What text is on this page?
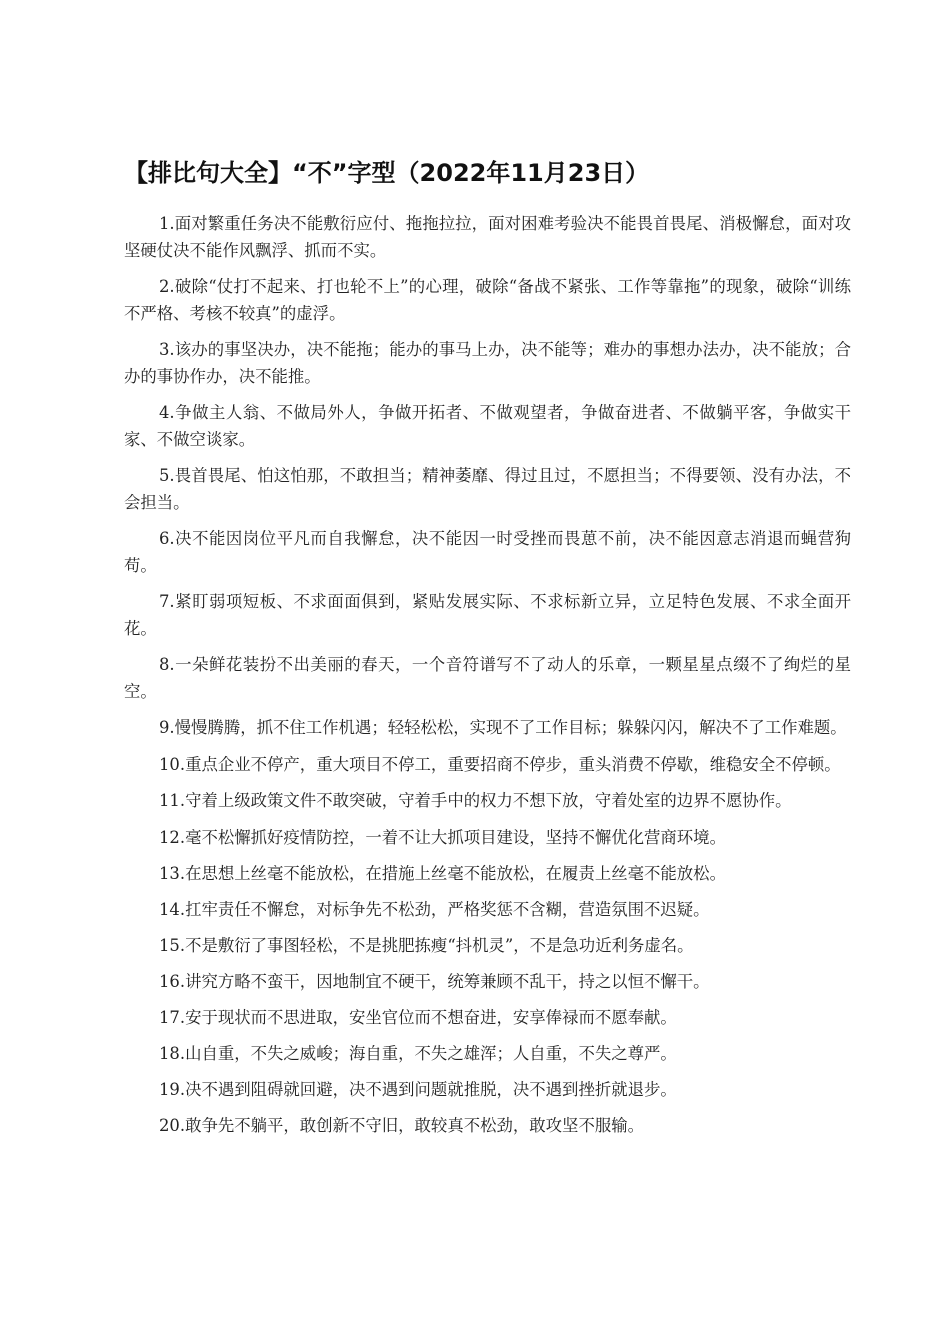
【排比句大全】“不”字型（2022年11月23日）

1.面对繁重任务决不能敷衍应付、拖拖拉拉，面对困难考验决不能畏首畏尾、消极懈怠，面对攻坚硬仗决不能作风飘浮、抓而不实。

2.破除“仗打不起来、打也轮不上”的心理，破除“备战不紧张、工作等靠拖”的现象，破除“训练不严格、考核不较真”的虚浮。

3.该办的事坚决办，决不能拖；能办的事马上办，决不能等；难办的事想办法办，决不能放；合办的事协作办，决不能推。

4.争做主人翁、不做局外人，争做开拓者、不做观望者，争做奋进者、不做躺平客，争做实干家、不做空谈家。

5.畏首畏尾、怕这怕那，不敢担当；精神萎靡、得过且过，不愿担当；不得要领、没有办法，不会担当。

6.决不能因岗位平凡而自我懈怠，决不能因一时受挫而畏葸不前，决不能因意志消退而蝇营狗苟。

7.紧盯弱项短板、不求面面俱到，紧贴发展实际、不求标新立异，立足特色发展、不求全面开花。

8.一朵鲜花装扮不出美丽的春天，一个音符谱写不了动人的乐章，一颗星星点缀不了绚烂的星空。

9.慢慢腾腾，抓不住工作机遇；轻轻松松，实现不了工作目标；躲躲闪闪，解决不了工作难题。

10.重点企业不停产，重大项目不停工，重要招商不停步，重头消费不停歇，维稳安全不停顿。

11.守着上级政策文件不敢突破，守着手中的权力不想下放，守着处室的边界不愿协作。

12.毫不松懈抓好疫情防控，一着不让大抓项目建设，坚持不懈优化营商环境。

13.在思想上丝毫不能放松，在措施上丝毫不能放松，在履责上丝毫不能放松。

14.扛牢责任不懈怠，对标争先不松劲，严格奖惩不含糊，营造氛围不迟疑。

15.不是敷衍了事图轻松，不是挑肥拣瘦“抖机灵”，不是急功近利务虚名。

16.讲究方略不蛮干，因地制宜不硬干，统筹兼顾不乱干，持之以恒不懈干。

17.安于现状而不思进取，安坐官位而不想奋进，安享俸禄而不愿奉献。

18.山自重，不失之威峻；海自重，不失之雄浑；人自重，不失之尊严。

19.决不遇到阻碍就回避，决不遇到问题就推脱，决不遇到挫折就退步。

20.敢争先不躺平，敢创新不守旧，敢较真不松劲，敢攻坚不服输。
